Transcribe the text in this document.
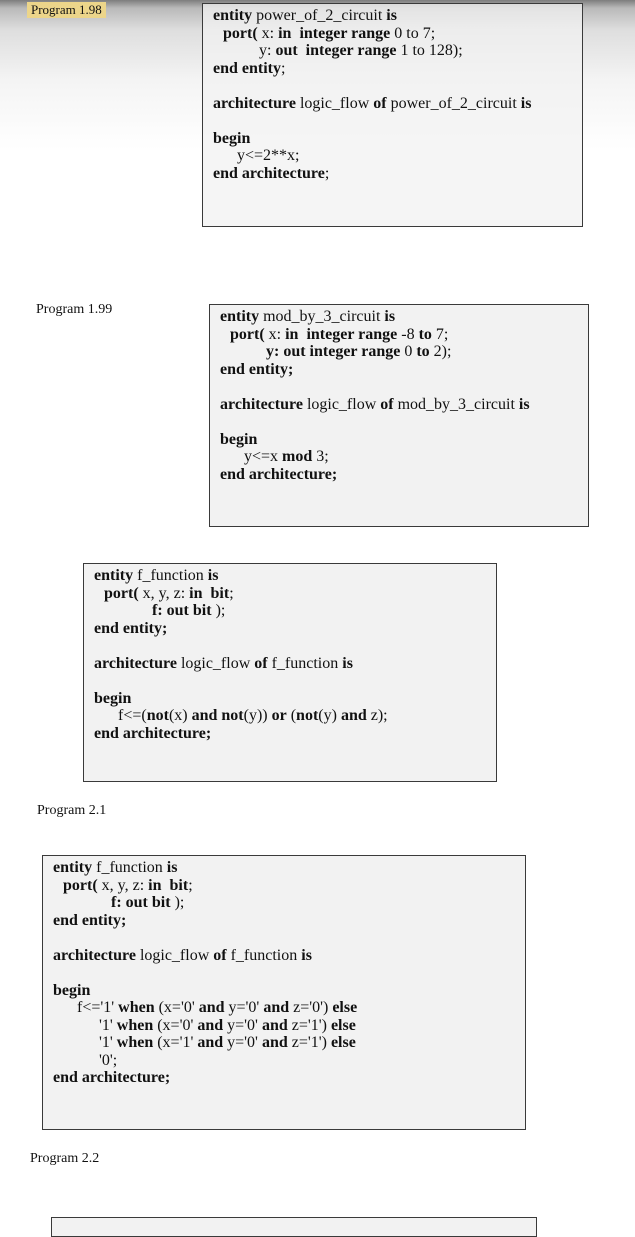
Program 1.98	entity power_of_2_circuit is
port( x: in  integer range 0 to 7;
y: out  integer range 1 to 128);
end entity;
architecture logic_flow of power_of_2_circuit is
begin
y<=2**x;
end architecture;
Program 1.99	entity mod_by_3_circuit is
port( x: in  integer range -8 to 7;
y: out integer range 0 to 2);
end entity;
architecture logic_flow of mod_by_3_circuit is
begin
y<=x mod 3;
end architecture;
entity f_function is
port( x, y, z: in  bit;
f: out bit );
end entity;
architecture logic_flow of f_function is
begin
f<=(not(x) and not(y)) or (not(y) and z);
end architecture;
Program 2.1
entity f_function is
port( x, y, z: in  bit;
f: out bit );
end entity;
architecture logic_flow of f_function is
begin
f<='1' when (x='0' and y='0' and z='0') else
'1' when (x='0' and y='0' and z='1') else
'1' when (x='1' and y='0' and z='1') else
'0';
end architecture;
Program 2.2
